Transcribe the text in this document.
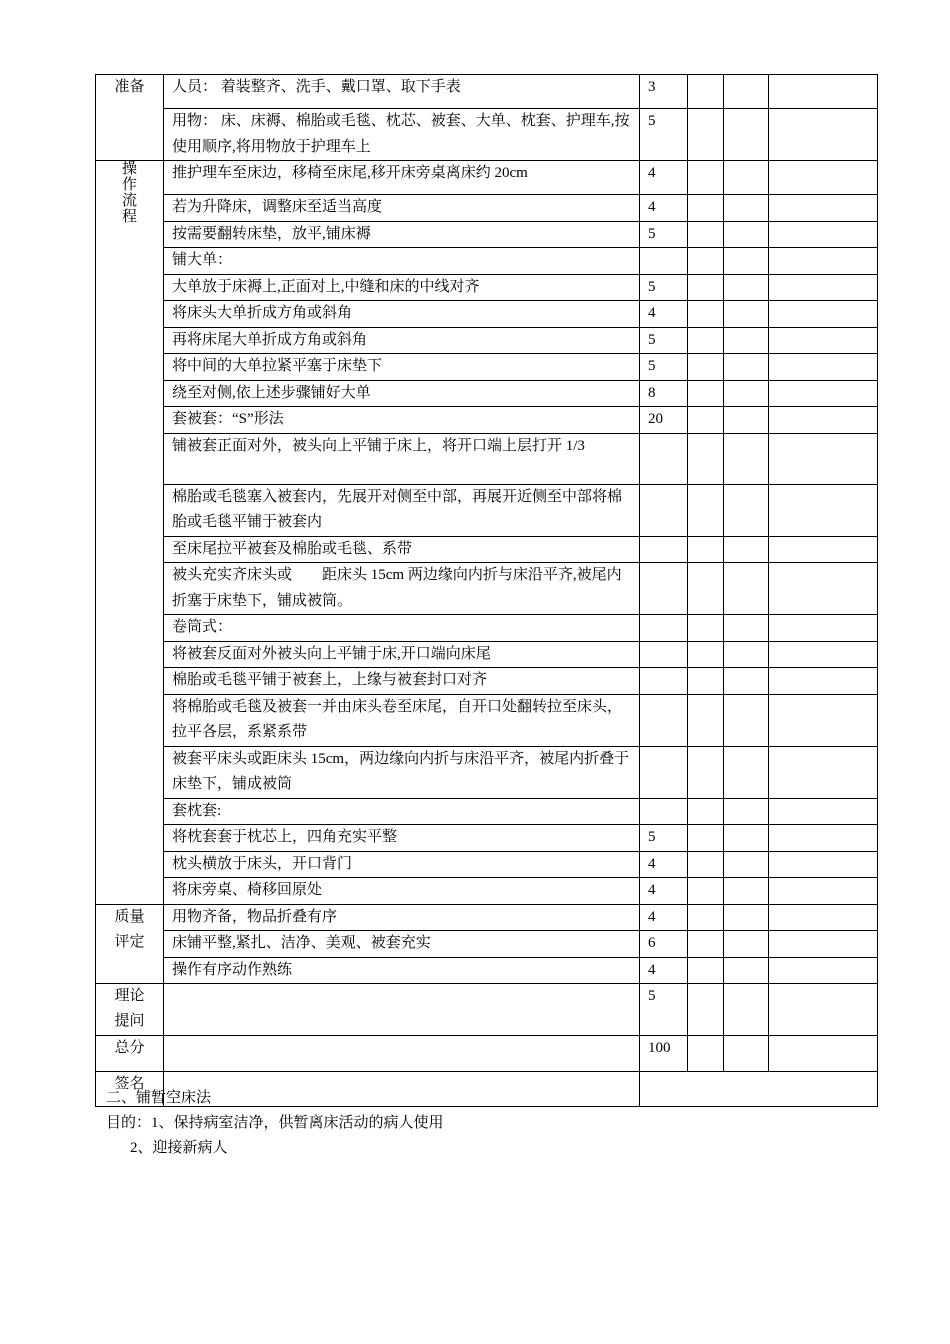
准备	人员： 着装整齐、洗手、戴口罩、取下手表	3			
	用物： 床、床褥、棉胎或毛毯、枕芯、被套、大单、枕套、护理车,按使用顺序,将用物放于护理车上	5			
操作流程	推护理车至床边，移椅至床尾,移开床旁桌离床约 20cm	4			
	若为升降床，调整床至适当高度	4			
	按需要翻转床垫，放平,铺床褥	5			
	铺大单：				
	大单放于床褥上,正面对上,中缝和床的中线对齐	5			
	将床头大单折成方角或斜角	4			
	再将床尾大单折成方角或斜角	5			
	将中间的大单拉紧平塞于床垫下	5			
	绕至对侧,依上述步骤铺好大单	8			
	套被套：“S”形法	20			
	铺被套正面对外，被头向上平铺于床上，将开口端上层打开 1/3				
	棉胎或毛毯塞入被套内，先展开对侧至中部，再展开近侧至中部将棉胎或毛毯平铺于被套内				
	至床尾拉平被套及棉胎或毛毯、系带				
	被头充实齐床头或　　距床头 15cm 两边缘向内折与床沿平齐,被尾内折塞于床垫下，铺成被筒。				
	卷筒式：				
	将被套反面对外被头向上平铺于床,开口端向床尾				
	棉胎或毛毯平铺于被套上，上缘与被套封口对齐				
	将棉胎或毛毯及被套一并由床头卷至床尾，自开口处翻转拉至床头，拉平各层，系紧系带				
	被套平床头或距床头 15cm，两边缘向内折与床沿平齐，被尾内折叠于床垫下，铺成被筒				
	套枕套:				
	将枕套套于枕芯上，四角充实平整	5			
	枕头横放于床头，开口背门	4			
	将床旁桌、椅移回原处	4			
质量评定	用物齐备，物品折叠有序	4			
	床铺平整,紧扎、洁净、美观、被套充实	6			
	操作有序动作熟练	4			
理论提问		5			
总分		100			
签名					
二、铺暂空床法
目的：1、保持病室洁净，供暂离床活动的病人使用
2、迎接新病人
